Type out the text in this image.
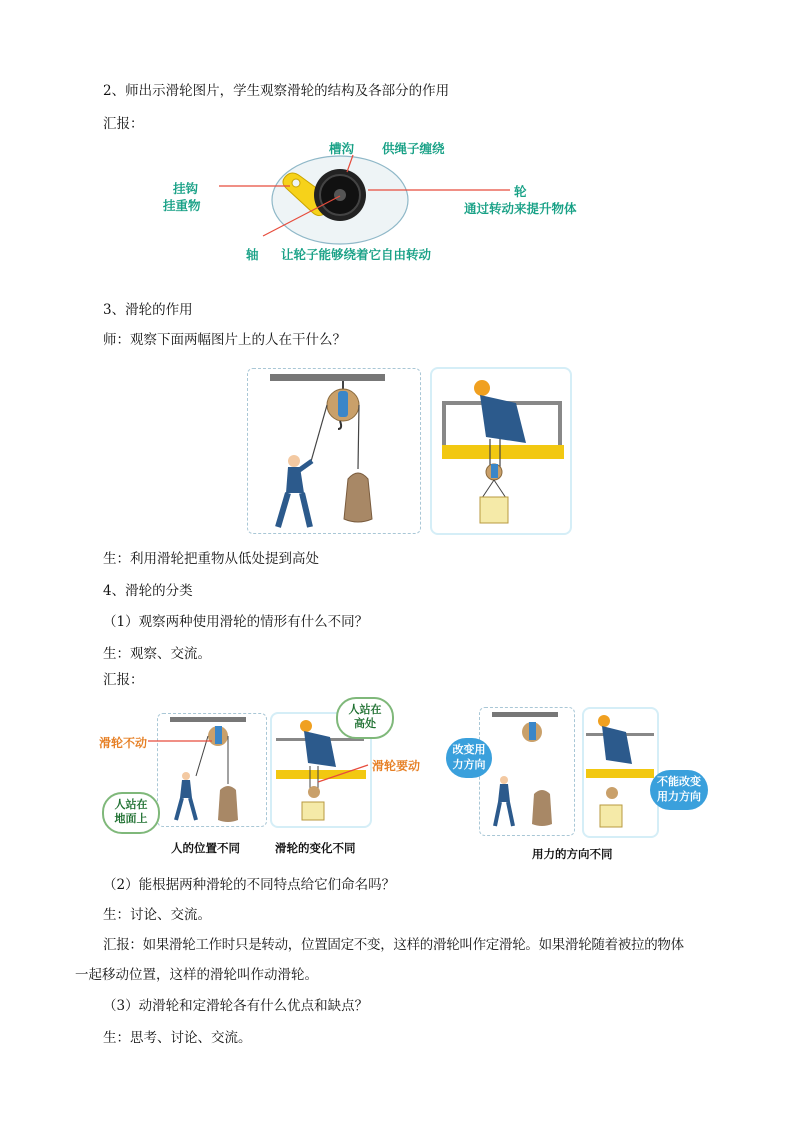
2、师出示滑轮图片，学生观察滑轮的结构及各部分的作用
汇报：
槽沟 供绳子缠绕
挂钩
挂重物
轮
通过转动来提升物体
轴 让轮子能够绕着它自由转动
3、滑轮的作用
师：观察下面两幅图片上的人在干什么？
生：利用滑轮把重物从低处提到高处
4、滑轮的分类
（1）观察两种使用滑轮的情形有什么不同？
生：观察、交流。
汇报：
滑轮不动
人站在
地面上
人站在
高处
滑轮要动
人的位置不同	滑轮的变化不同
改变用
力方向
不能改变
用力方向
用力的方向不同
（2）能根据两种滑轮的不同特点给它们命名吗？
生：讨论、交流。
汇报：如果滑轮工作时只是转动，位置固定不变，这样的滑轮叫作定滑轮。如果滑轮随着被拉的物体
一起移动位置，这样的滑轮叫作动滑轮。
（3）动滑轮和定滑轮各有什么优点和缺点？
生：思考、讨论、交流。
